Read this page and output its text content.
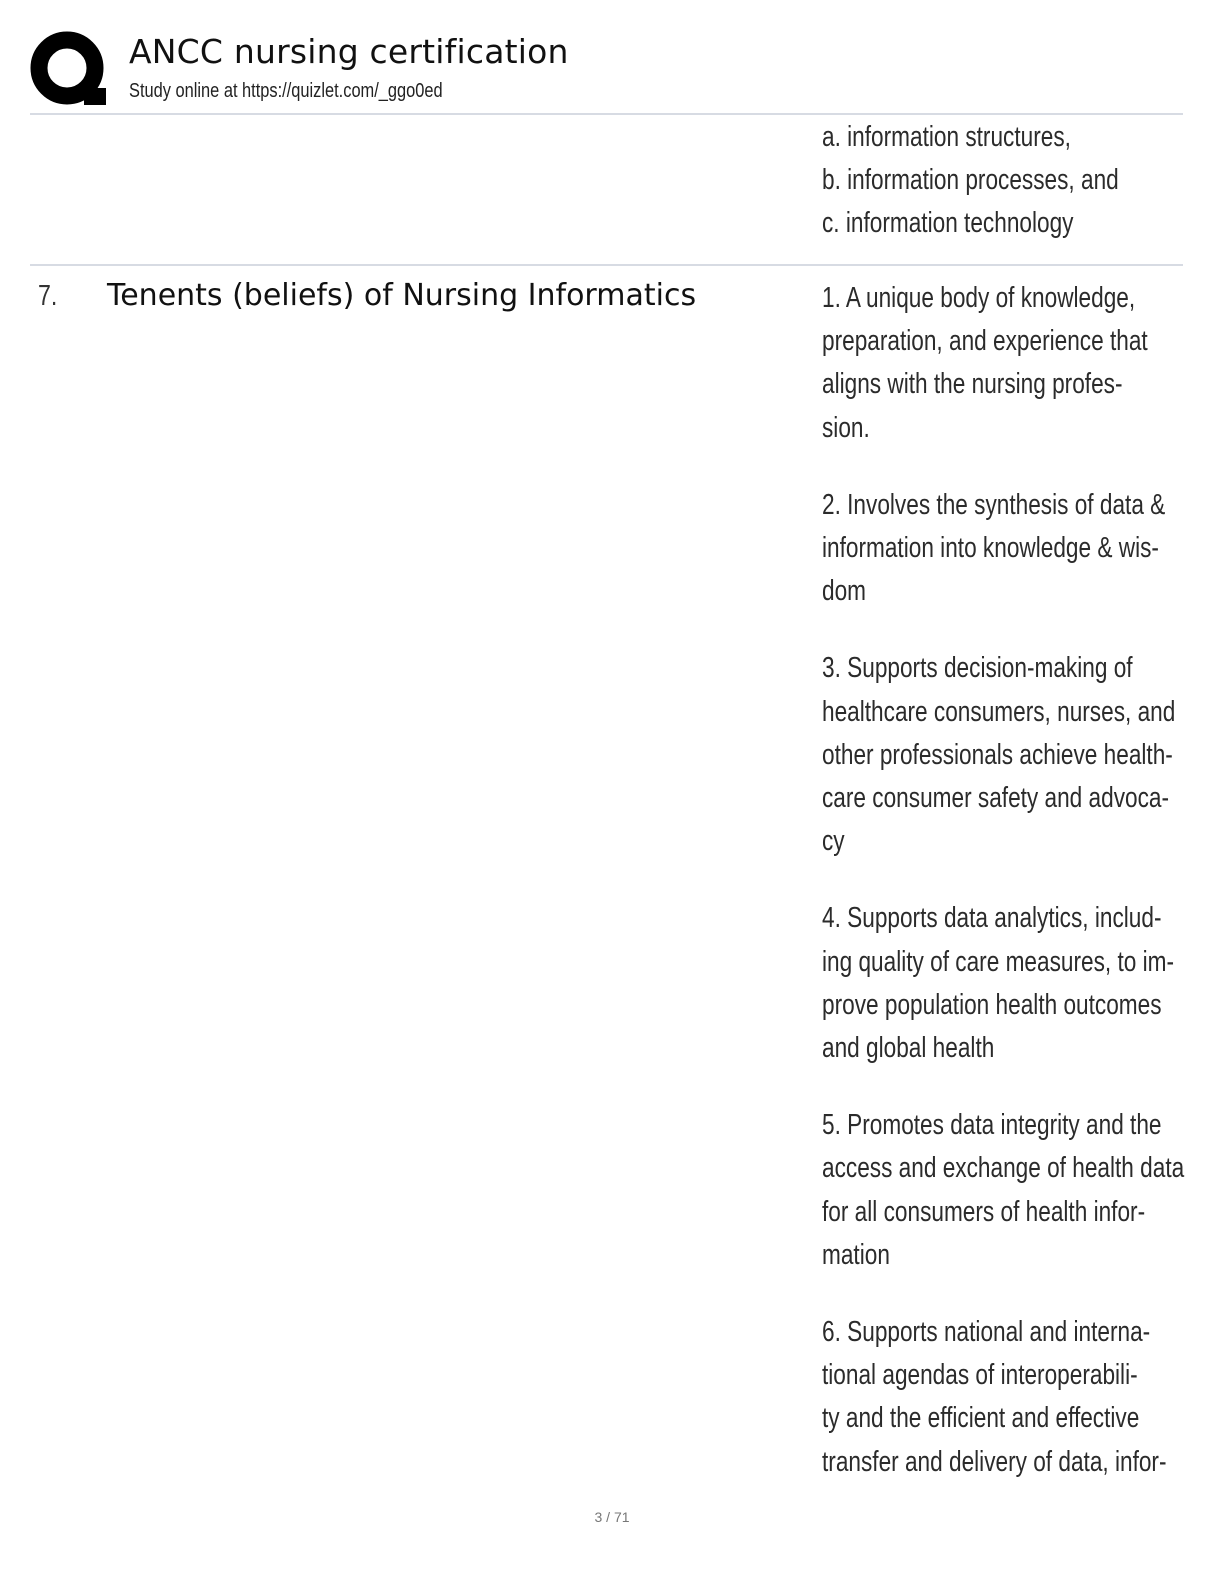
ANCC nursing certification
Study online at https://quizlet.com/_ggo0ed
a. information structures,
b. information processes, and
c. information technology
7. Tenents (beliefs) of Nursing Informatics	1. A unique body of knowledge,
preparation, and experience that
aligns with the nursing profes-
sion.
2. Involves the synthesis of data &
information into knowledge & wis-
dom
3. Supports decision-making of
healthcare consumers, nurses, and
other professionals achieve health-
care consumer safety and advoca-
cy
4. Supports data analytics, includ-
ing quality of care measures, to im-
prove population health outcomes
and global health
5. Promotes data integrity and the
access and exchange of health data
for all consumers of health infor-
mation
6. Supports national and interna-
tional agendas of interoperabili-
ty and the efficient and effective
transfer and delivery of data, infor-
3 / 71
